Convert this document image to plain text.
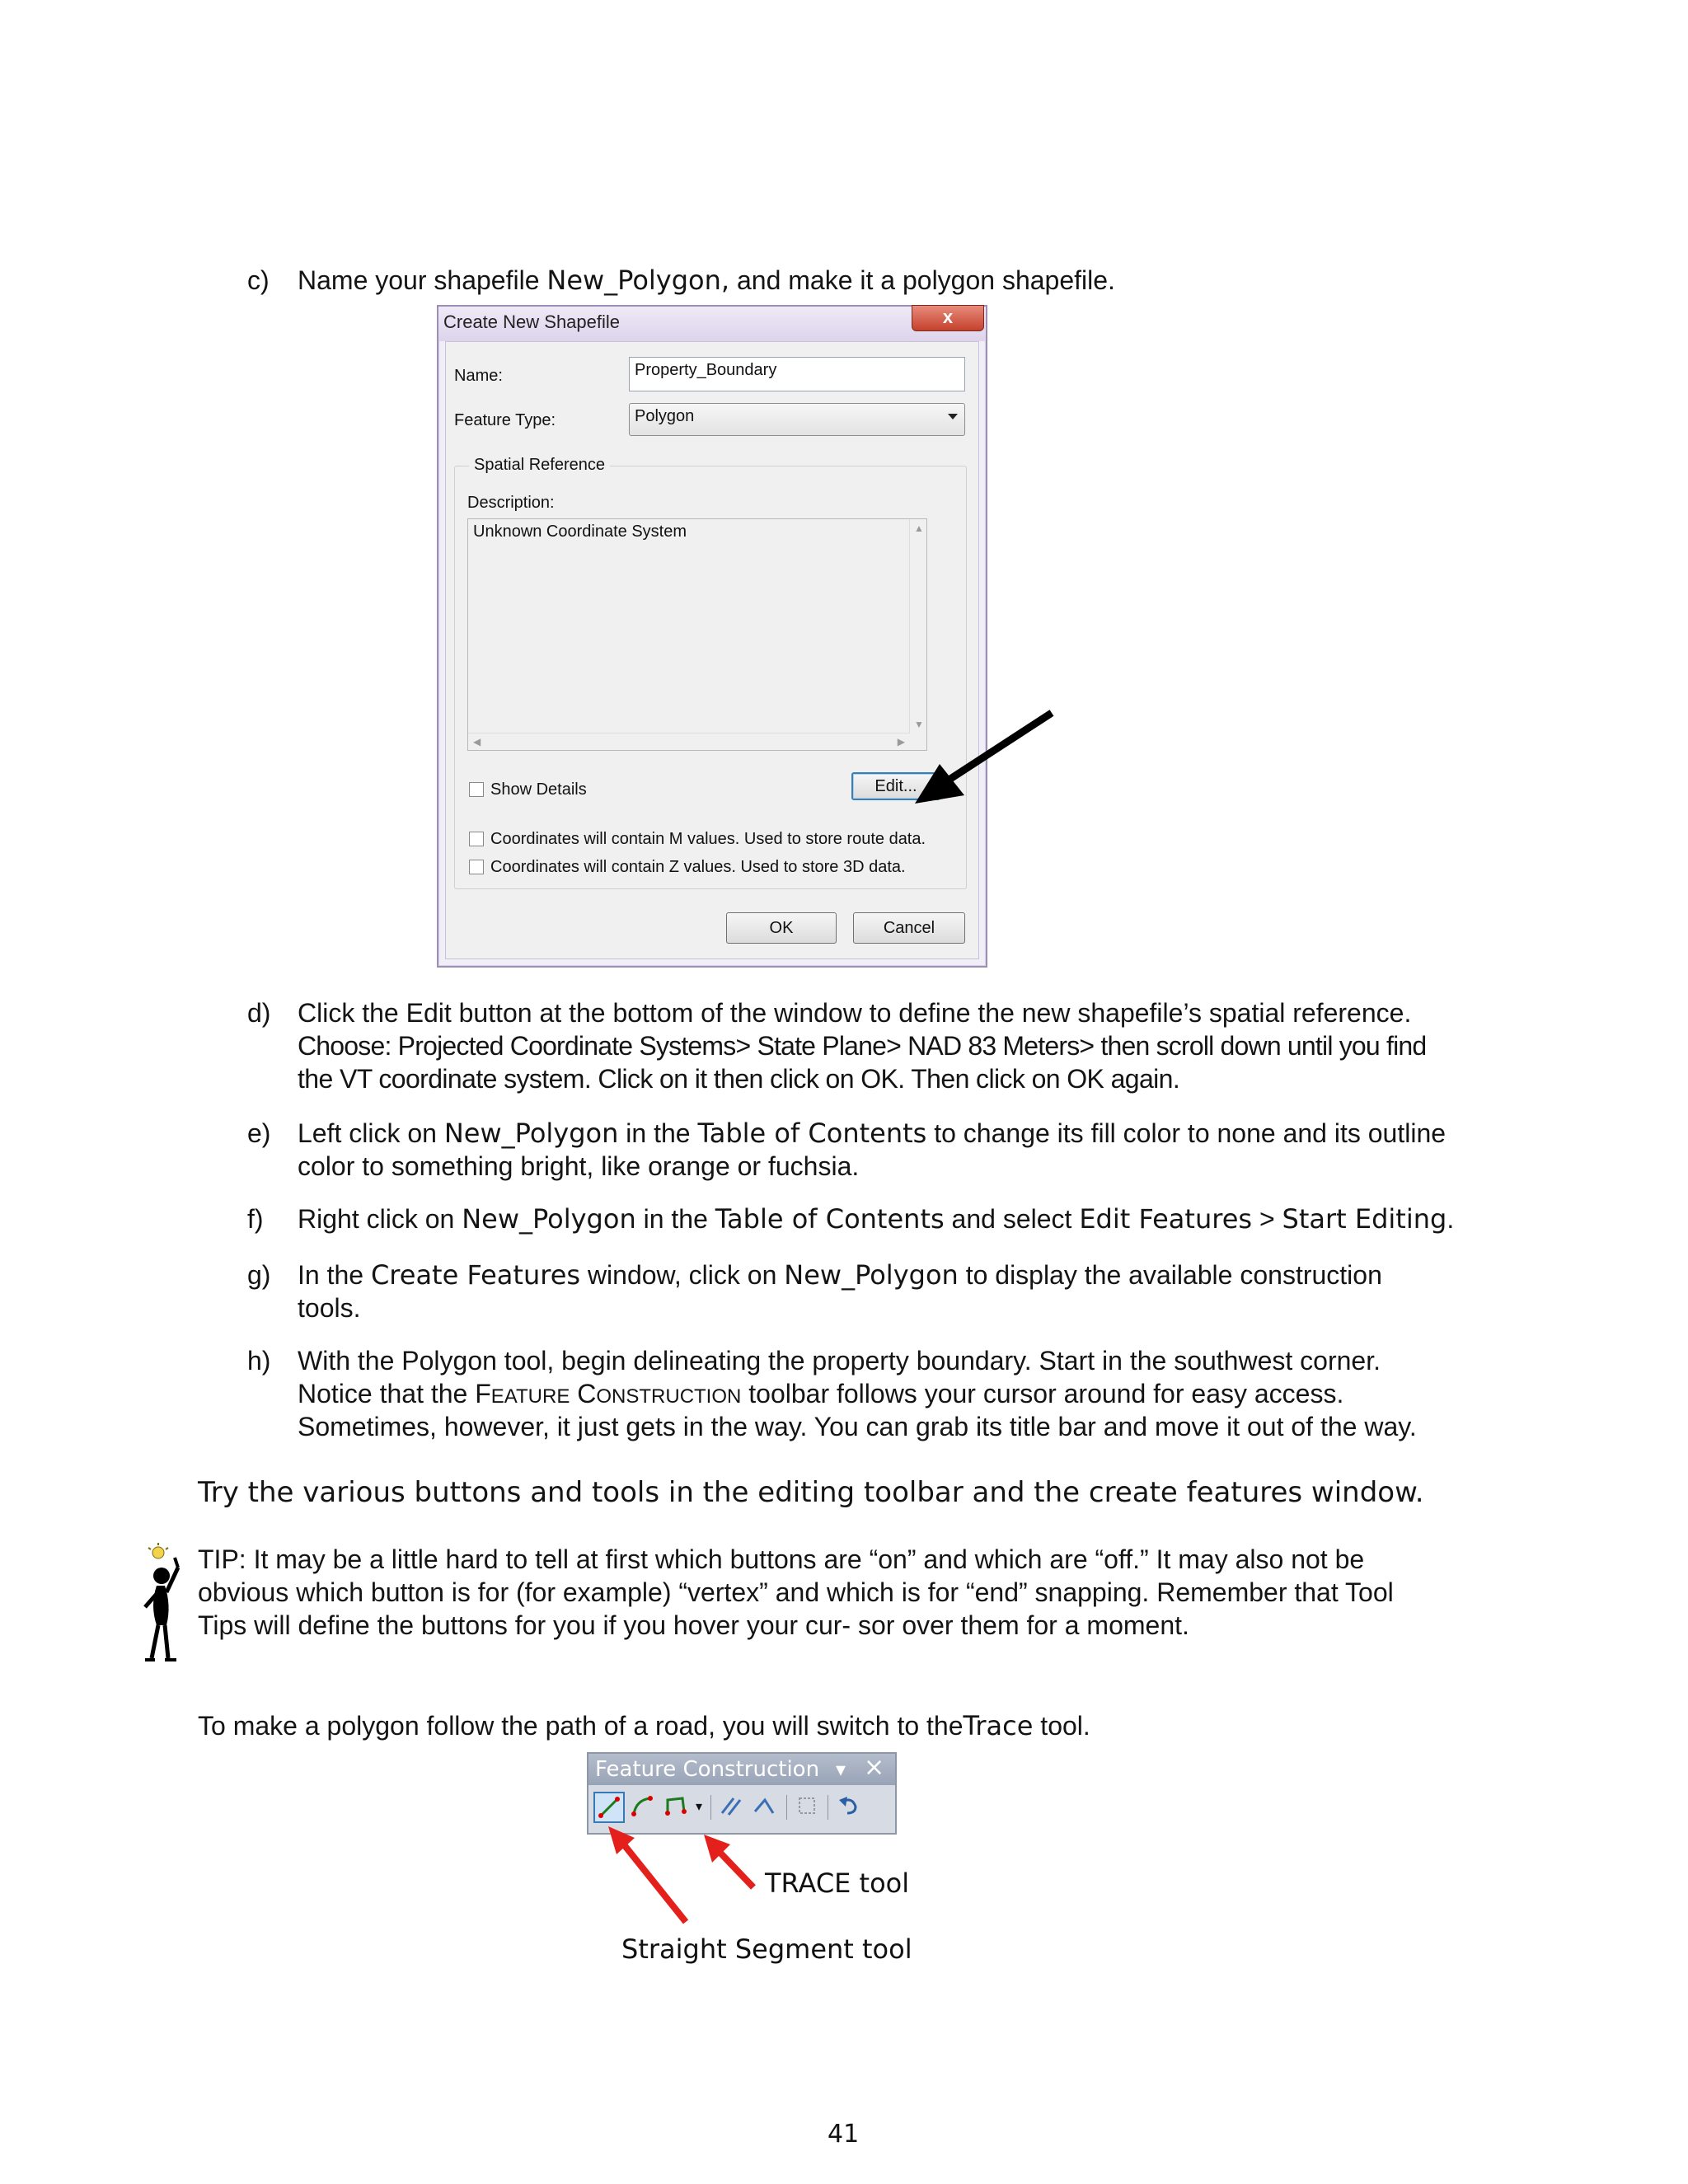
c) Name your shapefile New_Polygon, and make it a polygon shapefile.
Create New Shapefile	x
Name:	Property_Boundary
Feature Type:	Polygon
Spatial Reference
Description:
Unknown Coordinate System	▲
▼
◀	▶
Show Details	Edit...
Coordinates will contain M values. Used to store route data.
Coordinates will contain Z values. Used to store 3D data.
OK	Cancel
d) Click the Edit button at the bottom of the window to define the new shapefile’s spatial reference.
Choose: Projected Coordinate Systems> State Plane> NAD 83 Meters> then scroll down until you find
the VT coordinate system. Click on it then click on OK. Then click on OK again.
e) Left click on New_Polygon in the Table of Contents to change its fill color to none and its outline
color to something bright, like orange or fuchsia.
f) Right click on New_Polygon in the Table of Contents and select Edit Features > Start Editing.
g) In the Create Features window, click on New_Polygon to display the available construction
tools.
h) With the Polygon tool, begin delineating the property boundary. Start in the southwest corner.
Notice that the FEATURE CONSTRUCTION toolbar follows your cursor around for easy access.
Sometimes, however, it just gets in the way. You can grab its title bar and move it out of the way.
Try the various buttons and tools in the editing toolbar and the create features window.
TIP: It may be a little hard to tell at first which buttons are “on” and which are “off.” It may also not be
obvious which button is for (for example) “vertex” and which is for “end” snapping. Remember that Tool
Tips will define the buttons for you if you hover your cur- sor over them for a moment.
To make a polygon follow the path of a road, you will switch to theTrace tool.
Feature Construction ▾ ×
▾
TRACE tool
Straight Segment tool
41
